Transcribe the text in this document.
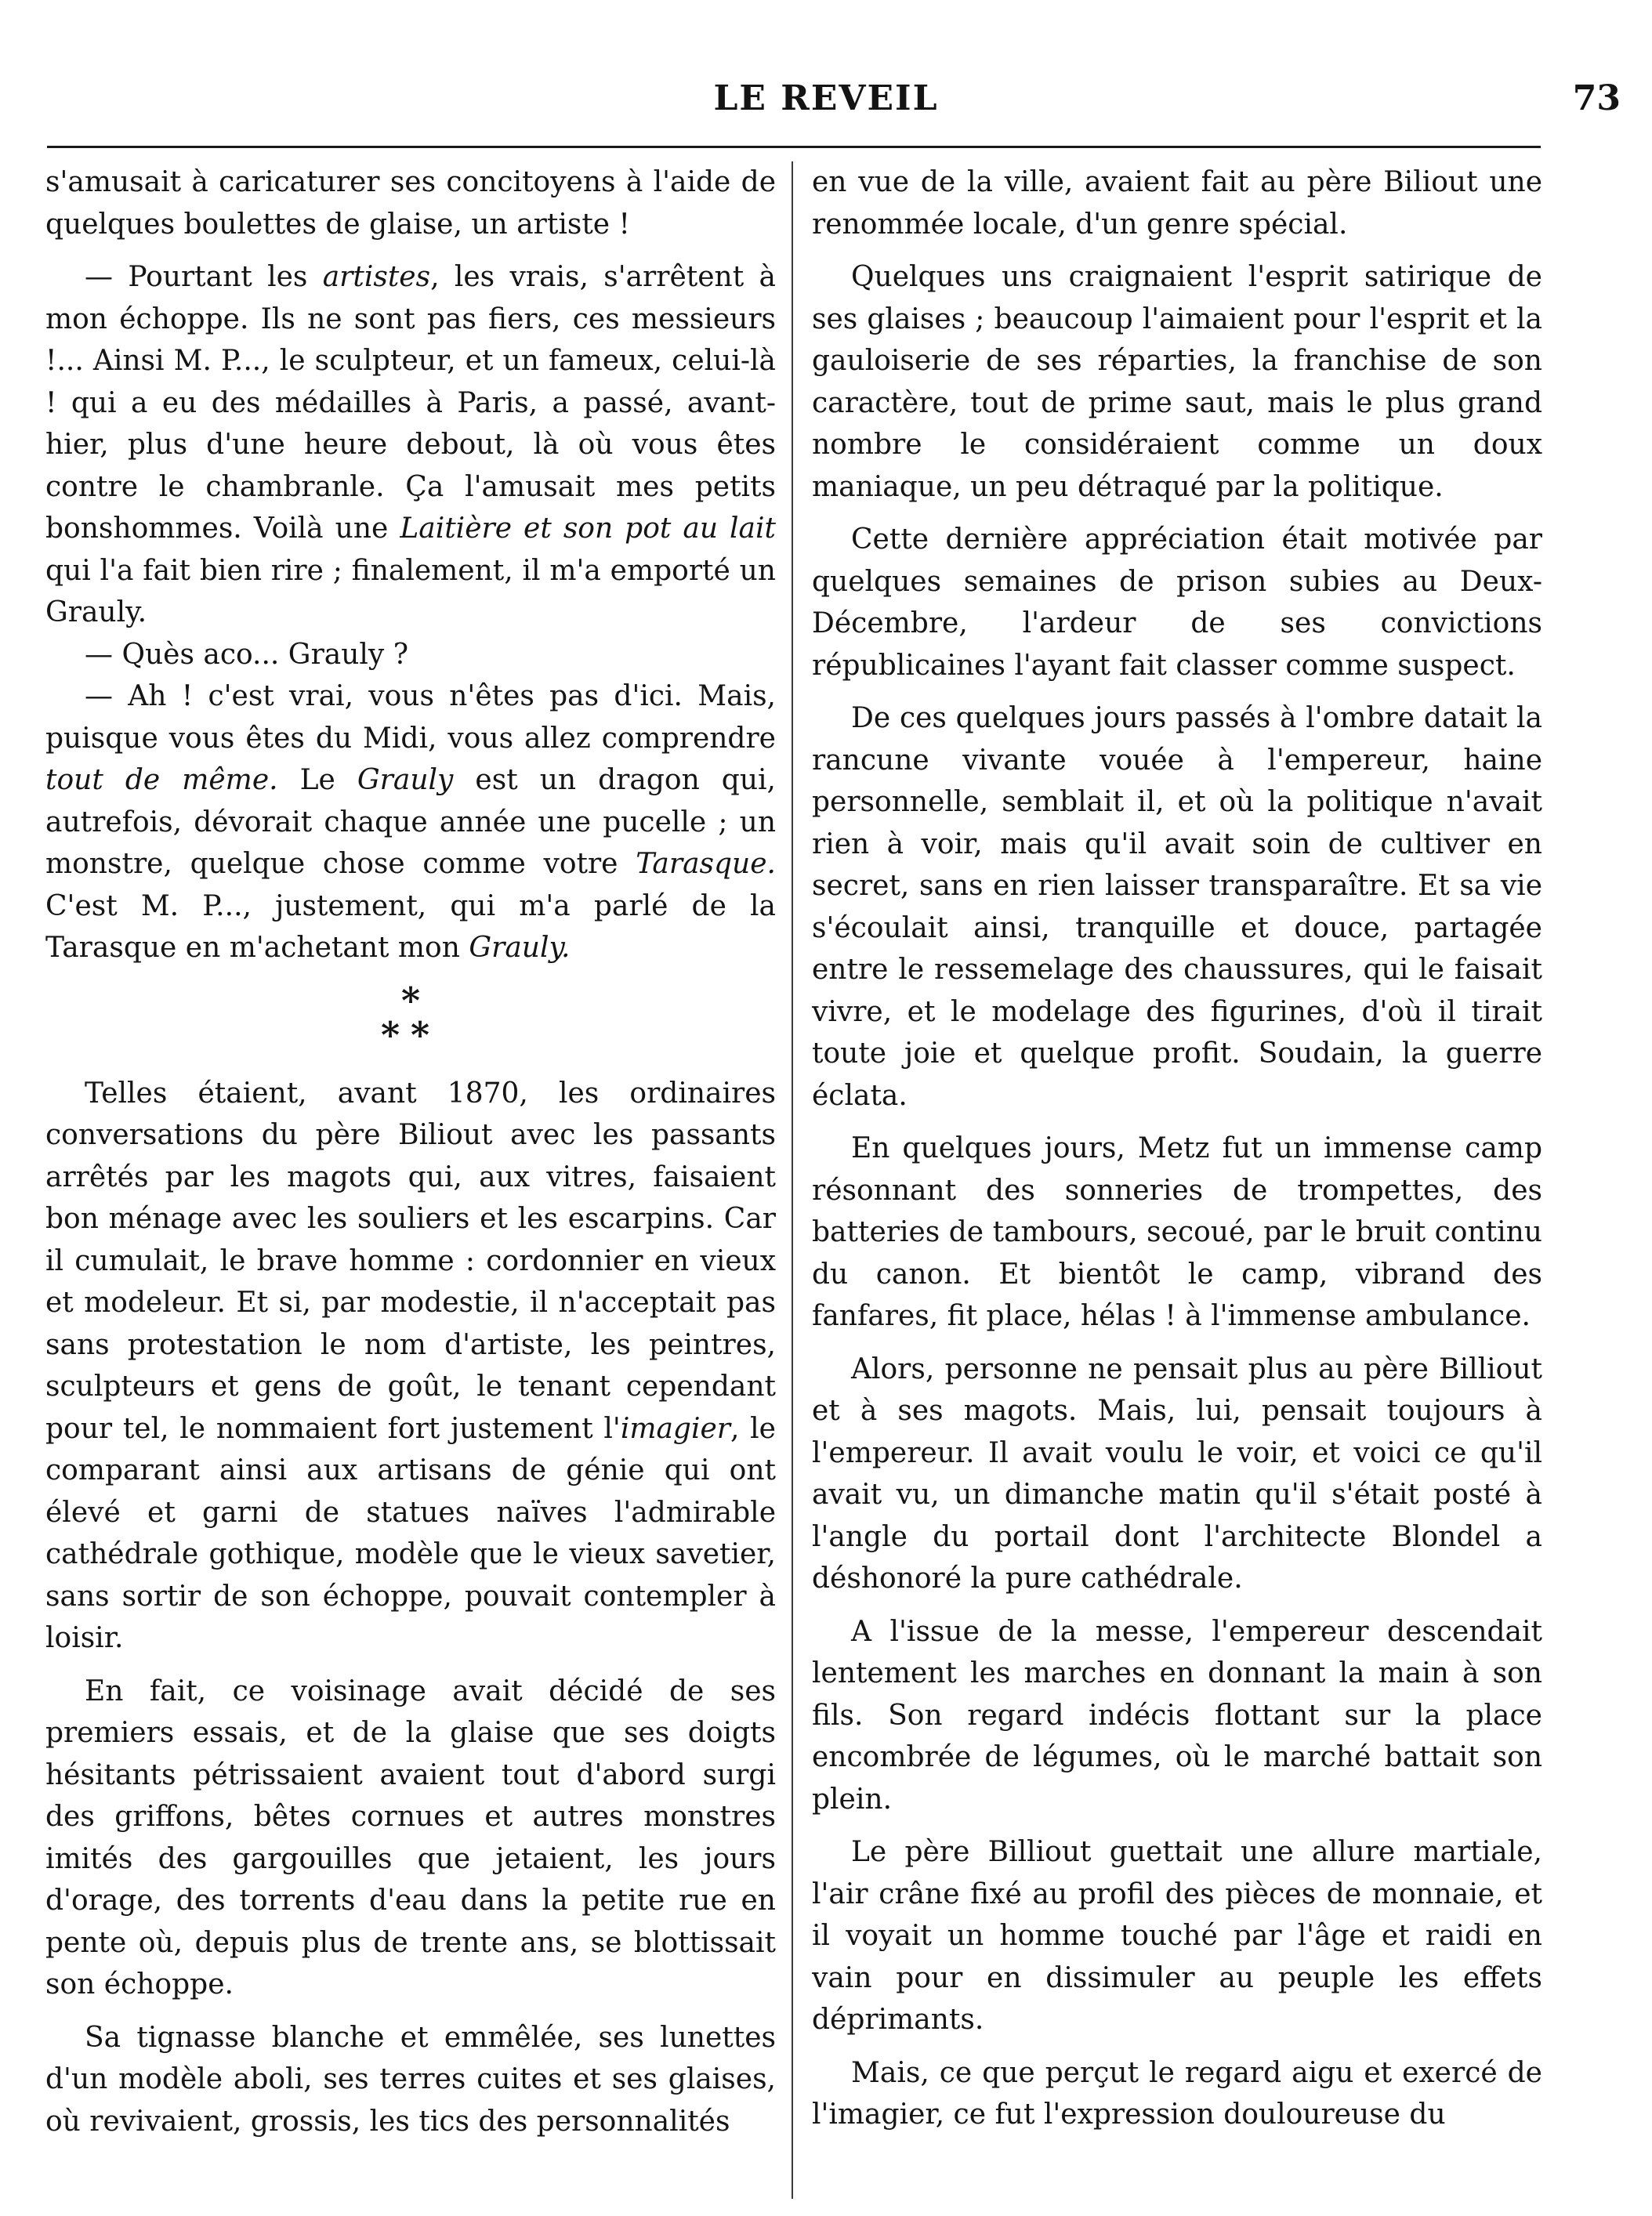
LE REVEIL	73

s'amusait à caricaturer ses concitoyens à l'aide de quelques boulettes de glaise, un artiste !

— Pourtant les artistes, les vrais, s'arrêtent à mon échoppe. Ils ne sont pas fiers, ces messieurs !... Ainsi M. P..., le sculpteur, et un fameux, celui-là ! qui a eu des médailles à Paris, a passé, avant-hier, plus d'une heure debout, là où vous êtes contre le chambranle. Ça l'amusait mes petits bonshommes. Voilà une Laitière et son pot au lait qui l'a fait bien rire ; finalement, il m'a emporté un Grauly.

— Quès aco... Grauly ?

— Ah ! c'est vrai, vous n'êtes pas d'ici. Mais, puisque vous êtes du Midi, vous allez comprendre tout de même. Le Grauly est un dragon qui, autrefois, dévorait chaque année une pucelle ; un monstre, quelque chose comme votre Tarasque. C'est M. P..., justement, qui m'a parlé de la Tarasque en m'achetant mon Grauly.

*
**

Telles étaient, avant 1870, les ordinaires conversations du père Biliout avec les passants arrêtés par les magots qui, aux vitres, faisaient bon ménage avec les souliers et les escarpins. Car il cumulait, le brave homme : cordonnier en vieux et modeleur. Et si, par modestie, il n'acceptait pas sans protestation le nom d'artiste, les peintres, sculpteurs et gens de goût, le tenant cependant pour tel, le nommaient fort justement l'imagier, le comparant ainsi aux artisans de génie qui ont élevé et garni de statues naïves l'admirable cathédrale gothique, modèle que le vieux savetier, sans sortir de son échoppe, pouvait contempler à loisir.

En fait, ce voisinage avait décidé de ses premiers essais, et de la glaise que ses doigts hésitants pétrissaient avaient tout d'abord surgi des griffons, bêtes cornues et autres monstres imités des gargouilles que jetaient, les jours d'orage, des torrents d'eau dans la petite rue en pente où, depuis plus de trente ans, se blottissait son échoppe.

Sa tignasse blanche et emmêlée, ses lunettes d'un modèle aboli, ses terres cuites et ses glaises, où revivaient, grossis, les tics des personnalités

en vue de la ville, avaient fait au père Biliout une renommée locale, d'un genre spécial.

Quelques uns craignaient l'esprit satirique de ses glaises ; beaucoup l'aimaient pour l'esprit et la gauloiserie de ses réparties, la franchise de son caractère, tout de prime saut, mais le plus grand nombre le considéraient comme un doux maniaque, un peu détraqué par la politique.

Cette dernière appréciation était motivée par quelques semaines de prison subies au Deux-Décembre, l'ardeur de ses convictions républicaines l'ayant fait classer comme suspect.

De ces quelques jours passés à l'ombre datait la rancune vivante vouée à l'empereur, haine personnelle, semblait il, et où la politique n'avait rien à voir, mais qu'il avait soin de cultiver en secret, sans en rien laisser transparaître. Et sa vie s'écoulait ainsi, tranquille et douce, partagée entre le ressemelage des chaussures, qui le faisait vivre, et le modelage des figurines, d'où il tirait toute joie et quelque profit. Soudain, la guerre éclata.

En quelques jours, Metz fut un immense camp résonnant des sonneries de trompettes, des batteries de tambours, secoué, par le bruit continu du canon. Et bientôt le camp, vibrand des fanfares, fit place, hélas ! à l'immense ambulance.

Alors, personne ne pensait plus au père Billiout et à ses magots. Mais, lui, pensait toujours à l'empereur. Il avait voulu le voir, et voici ce qu'il avait vu, un dimanche matin qu'il s'était posté à l'angle du portail dont l'architecte Blondel a déshonoré la pure cathédrale.

A l'issue de la messe, l'empereur descendait lentement les marches en donnant la main à son fils. Son regard indécis flottant sur la place encombrée de légumes, où le marché battait son plein.

Le père Billiout guettait une allure martiale, l'air crâne fixé au profil des pièces de monnaie, et il voyait un homme touché par l'âge et raidi en vain pour en dissimuler au peuple les effets déprimants.

Mais, ce que perçut le regard aigu et exercé de l'imagier, ce fut l'expression douloureuse du
